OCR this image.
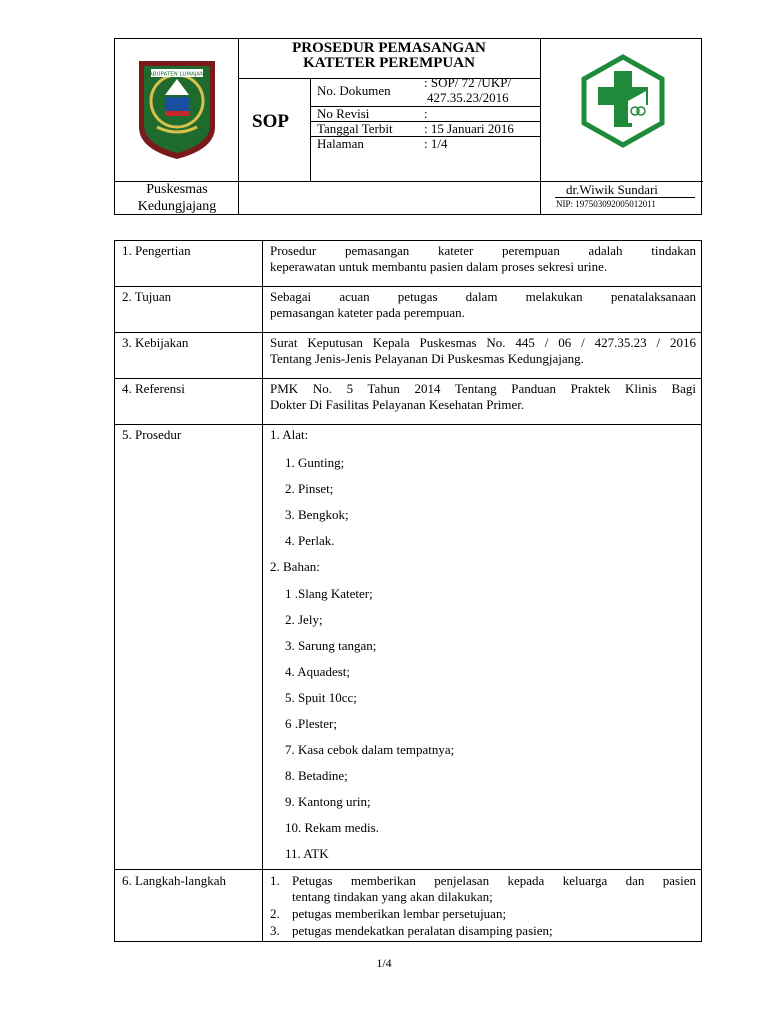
KABUPATEN LUMAJANG
PROSEDUR PEMASANGAN
KATETER PEREMPUAN
SOP
No. Dokumen
: SOP/ 72 /UKP/
427.35.23/2016
No Revisi	:
Tanggal Terbit : 15 Januari 2016
Halaman	: 1/4
Puskesmas
Kedungjajang
dr.Wiwik Sundari
NIP: 197503092005012011
1. Pengertian	Prosedur pemasangan kateter perempuan adalah tindakan
keperawatan untuk membantu pasien dalam proses sekresi urine.
2. Tujuan	Sebagai acuan petugas dalam melakukan penatalaksanaan
pemasangan kateter pada perempuan.
3. Kebijakan	Surat Keputusan Kepala Puskesmas No. 445 / 06 / 427.35.23 / 2016
Tentang Jenis-Jenis Pelayanan Di Puskesmas Kedungjajang.
4. Referensi	PMK No. 5 Tahun 2014 Tentang Panduan Praktek Klinis Bagi
Dokter Di Fasilitas Pelayanan Kesehatan Primer.
5. Prosedur	1. Alat:
1. Gunting;
2. Pinset;
3. Bengkok;
4. Perlak.
2. Bahan:
1 .Slang Kateter;
2. Jely;
3. Sarung tangan;
4. Aquadest;
5. Spuit 10cc;
6 .Plester;
7. Kasa cebok dalam tempatnya;
8. Betadine;
9. Kantong urin;
10. Rekam medis.
11. ATK
6. Langkah-langkah	1. Petugas memberikan penjelasan kepada keluarga dan pasien
tentang tindakan yang akan dilakukan;
2. petugas memberikan lembar persetujuan;
3. petugas mendekatkan peralatan disamping pasien;
1/4
